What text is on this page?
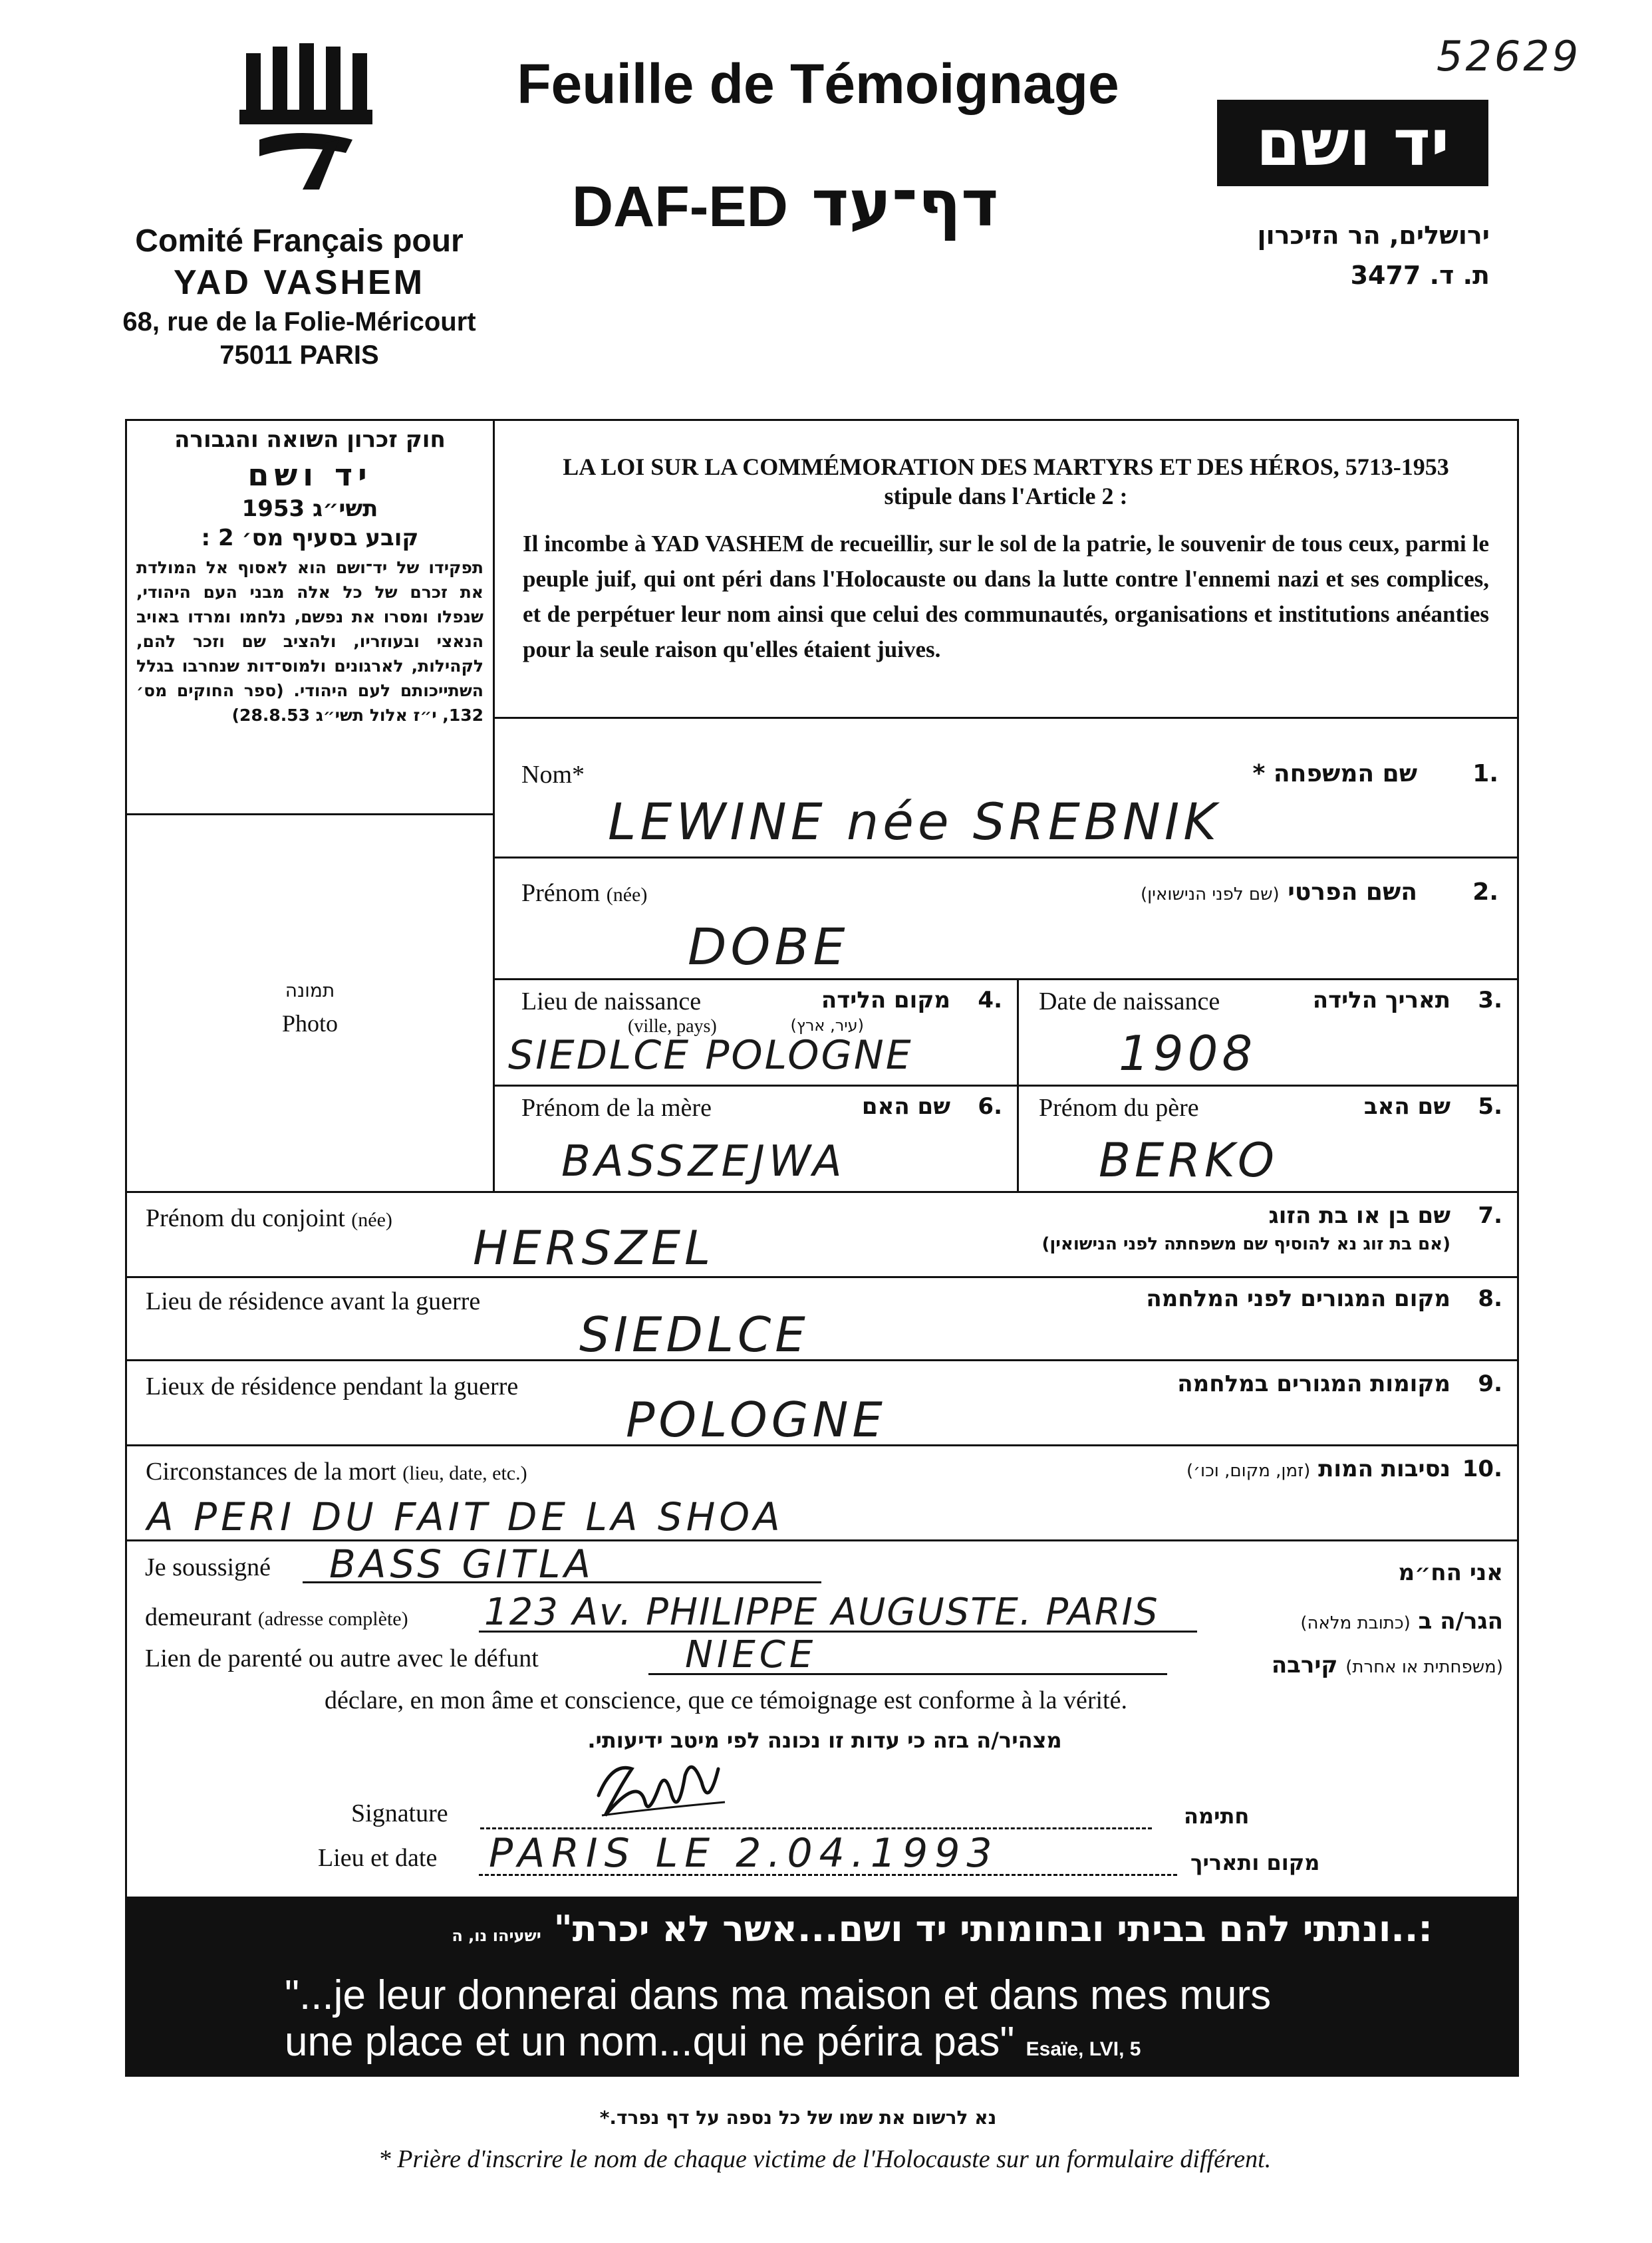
52629
Comité Français pour
YAD VASHEM
68, rue de la Folie-Méricourt
75011 PARIS
Feuille de Témoignage
DAF-ED דף־עד
יד ושם
ירושלים, הר הזיכרון
ת. ד. 3477
חוק זכרון השואה והגבורה
יד ושם
תשי״ג 1953
קובע בסעיף מס׳ 2 :
תפקידו של יד־ושם הוא לאסוף אל המולדת את זכרם של כל אלה מבני העם היהודי, שנפלו ומסרו את נפשם, נלחמו ומרדו באויב הנאצי ובעוזריו, ולהציב שם וזכר להם, לקהילות, לארגונים ולמוס־דות שנחרבו בגלל השתייכותם לעם היהודי. (ספר החוקים מס׳ 132, י״ז אלול תשי״ג 28.8.53)
LA LOI SUR LA COMMÉMORATION DES MARTYRS ET DES HÉROS, 5713-1953
stipule dans l'Article 2 :
Il incombe à YAD VASHEM de recueillir, sur le sol de la patrie, le souvenir de tous ceux, parmi le peuple juif, qui ont péri dans l'Holocauste ou dans la lutte contre l'ennemi nazi et ses complices, et de perpétuer leur nom ainsi que celui des communautés, organisations et institutions anéanties pour la seule raison qu'elles étaient juives.
תמונה
Photo
Nom*	שם המשפחה * .1
LEWINE née SREBNIK
Prénom (née)	השם הפרטי (שם לפני הנישואין)	.2
DOBE
Lieu de naissance
(ville, pays)
מקום הלידה
(עיר, ארץ)
.4
SIEDLCE POLOGNE
Date de naissance	תאריך הלידה .3
1908
Prénom de la mère	שם האם .6
BASSZEJWA
Prénom du père	שם האב .5
BERKO
Prénom du conjoint (née)	שם בן או בת הזוג
(אם בת זוג נא להוסיף שם משפחתה לפני הנישואין)
.7
HERSZEL
Lieu de résidence avant la guerre	מקום המגורים לפני המלחמה .8
SIEDLCE
Lieux de résidence pendant la guerre	מקומות המגורים במלחמה .9
POLOGNE
Circonstances de la mort (lieu, date, etc.)	נסיבות המות (זמן, מקום, וכו׳)	.10
A PERI DU FAIT DE LA SHOA
Je soussigné BASS GITLA	אני הח״מ
demeurant (adresse complète) 123 Av. PHILIPPE AUGUSTE. PARIS	הגר/ה ב (כתובת מלאה)
Lien de parenté ou autre avec le défunt	NIECE	(משפחתית או אחרת) קירבה
déclare, en mon âme et conscience, que ce témoignage est conforme à la vérité.
מצהיר/ה בזה כי עדות זו נכונה לפי מיטב ידיעותי.
Signature	חתימה
Lieu et date PARIS LE 2.04.1993	מקום ותאריך
:..ונתתי להם בביתי ובחומותי יד ושם...אשר לא יכרת" ישעיהו נו, ה
"...je leur donnerai dans ma maison et dans mes murs
une place et un nom...qui ne périra pas" Esaïe, LVI, 5
נא לרשום את שמו של כל נספה על דף נפרד.*
* Prière d'inscrire le nom de chaque victime de l'Holocauste sur un formulaire différent.
